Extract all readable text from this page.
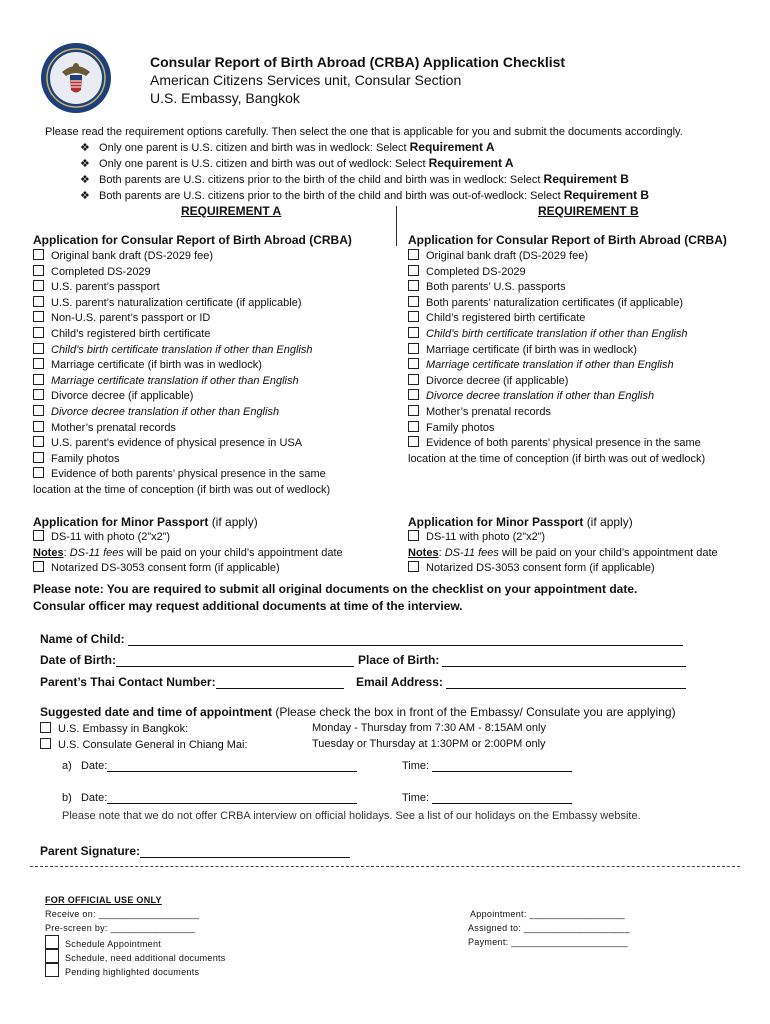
Consular Report of Birth Abroad (CRBA) Application Checklist
American Citizens Services unit, Consular Section
U.S. Embassy, Bangkok
Please read the requirement options carefully. Then select the one that is applicable for you and submit the documents accordingly.
❖   Only one parent is U.S. citizen and birth was in wedlock: Select Requirement A
❖   Only one parent is U.S. citizen and birth was out of wedlock: Select Requirement A
❖   Both parents are U.S. citizens prior to the birth of the child and birth was in wedlock: Select Requirement B
❖   Both parents are U.S. citizens prior to the birth of the child and birth was out-of-wedlock: Select Requirement B
REQUIREMENT A
Application for Consular Report of Birth Abroad (CRBA)
Original bank draft (DS-2029 fee)
Completed DS-2029
U.S. parent’s passport
U.S. parent’s naturalization certificate (if applicable)
Non-U.S. parent’s passport or ID
Child’s registered birth certificate
Child’s birth certificate translation if other than English
Marriage certificate (if birth was in wedlock)
Marriage certificate translation if other than English
Divorce decree (if applicable)
Divorce decree translation if other than English
Mother’s prenatal records
U.S. parent’s evidence of physical presence in USA
Family photos
Evidence of both parents’ physical presence in the same
location at the time of conception (if birth was out of wedlock)
Application for Minor Passport (if apply)
DS-11 with photo (2”x2”)
Notes: DS-11 fees will be paid on your child’s appointment date
Notarized DS-3053 consent form (if applicable)
REQUIREMENT B
Application for Consular Report of Birth Abroad (CRBA)
Original bank draft (DS-2029 fee)
Completed DS-2029
Both parents’ U.S. passports
Both parents’ naturalization certificates (if applicable)
Child’s registered birth certificate
Child’s birth certificate translation if other than English
Marriage certificate (if birth was in wedlock)
Marriage certificate translation if other than English
Divorce decree (if applicable)
Divorce decree translation if other than English
Mother’s prenatal records
Family photos
Evidence of both parents’ physical presence in the same
location at the time of conception (if birth was out of wedlock)
Application for Minor Passport (if apply)
DS-11 with photo (2”x2”)
Notes: DS-11 fees will be paid on your child’s appointment date
Notarized DS-3053 consent form (if applicable)
Please note: You are required to submit all original documents on the checklist on your appointment date.
Consular officer may request additional documents at time of the interview.
Name of Child:
Date of Birth:	Place of Birth:
Parent’s Thai Contact Number:	Email Address:
Suggested date and time of appointment (Please check the box in front of the Embassy/ Consulate you are applying)
U.S. Embassy in Bangkok:	Monday - Thursday from 7:30 AM - 8:15AM only
U.S. Consulate General in Chiang Mai:	Tuesday or Thursday at 1:30PM or 2:00PM only
a) Date:	Time:
b) Date:	Time:
Please note that we do not offer CRBA interview on official holidays. See a list of our holidays on the Embassy website.
Parent Signature:
FOR OFFICIAL USE ONLY
Receive on: ___________________
Pre-screen by: ________________
Schedule Appointment
Schedule, need additional documents
Pending highlighted documents
Appointment: __________________
Assigned to: ____________________
Payment: ______________________
